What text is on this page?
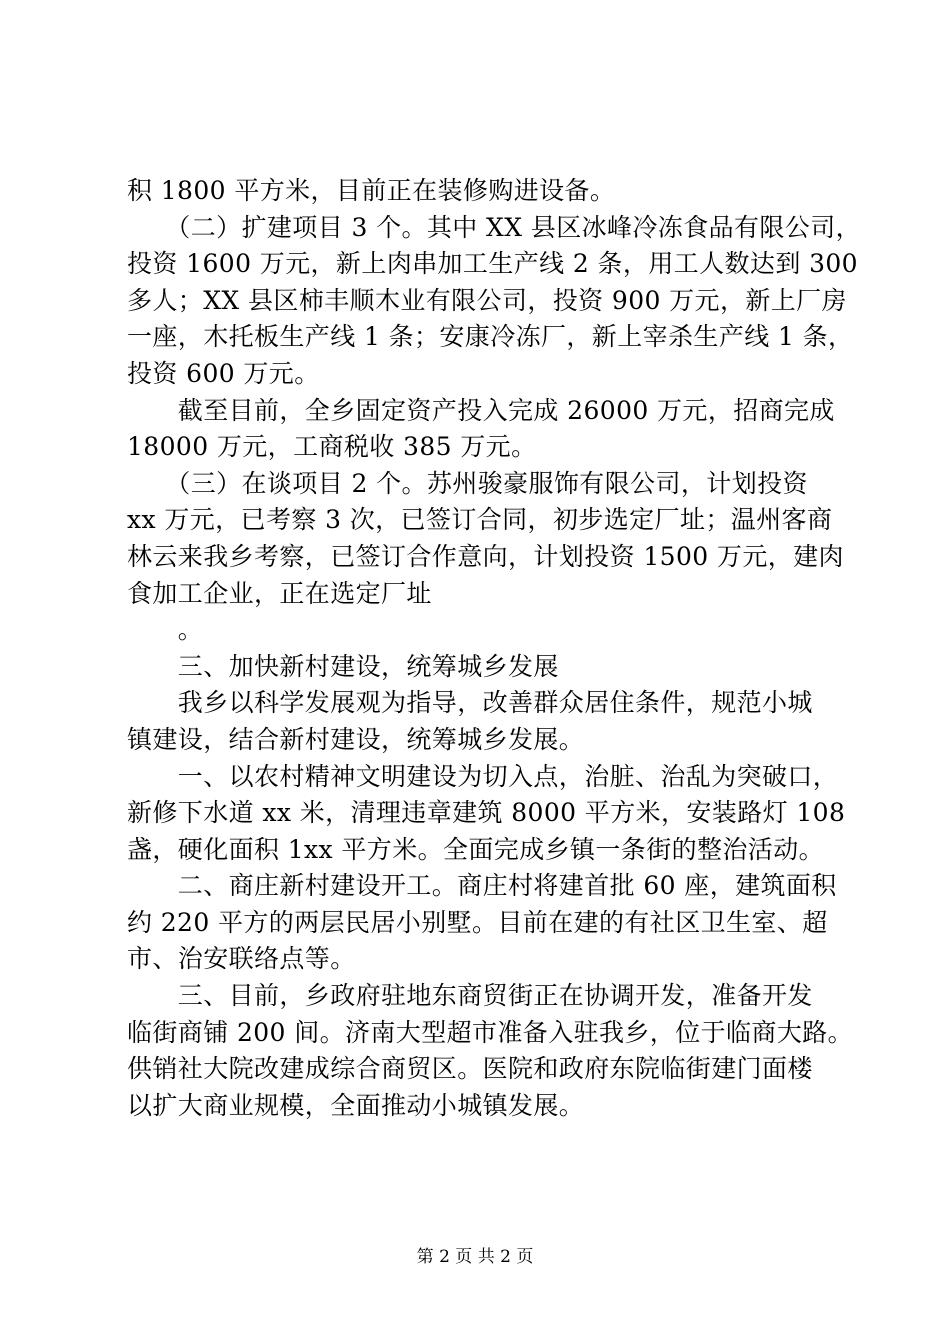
积 1800 平方米，目前正在装修购进设备。
　　（二）扩建项目 3 个。其中 XX 县区冰峰冷冻食品有限公司，
投资 1600 万元，新上肉串加工生产线 2 条，用工人数达到 300
多人；XX 县区柿丰顺木业有限公司，投资 900 万元，新上厂房
一座，木托板生产线 1 条；安康冷冻厂，新上宰杀生产线 1 条，
投资 600 万元。
　　截至目前，全乡固定资产投入完成 26000 万元，招商完成
18000 万元，工商税收 385 万元。
　　（三）在谈项目 2 个。苏州骏豪服饰有限公司，计划投资
xx 万元，已考察 3 次，已签订合同，初步选定厂址；温州客商
林云来我乡考察，已签订合作意向，计划投资 1500 万元，建肉
食加工企业，正在选定厂址
　　。
　　三、加快新村建设，统筹城乡发展
　　我乡以科学发展观为指导，改善群众居住条件，规范小城
镇建设，结合新村建设，统筹城乡发展。
　　一、以农村精神文明建设为切入点，治脏、治乱为突破口，
新修下水道 xx 米，清理违章建筑 8000 平方米，安装路灯 108
盏，硬化面积 1xx 平方米。全面完成乡镇一条街的整治活动。
　　二、商庄新村建设开工。商庄村将建首批 60 座，建筑面积
约 220 平方的两层民居小别墅。目前在建的有社区卫生室、超
市、治安联络点等。
　　三、目前，乡政府驻地东商贸街正在协调开发，准备开发
临街商铺 200 间。济南大型超市准备入驻我乡，位于临商大路。
供销社大院改建成综合商贸区。医院和政府东院临街建门面楼
以扩大商业规模，全面推动小城镇发展。
第 2 页 共 2 页
